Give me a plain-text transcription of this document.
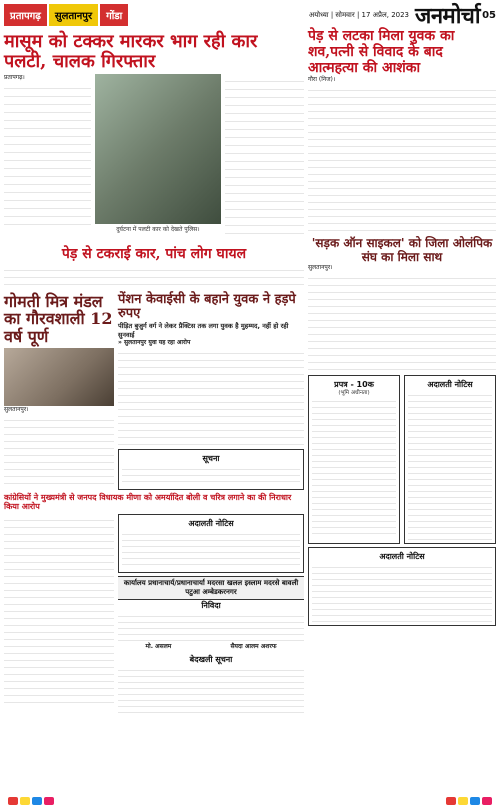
प्रतापगढ़	सुलतानपुर	गोंडा	अयोध्या | सोमवार | 17 अप्रैल, 2023 जनमोर्चा 05
मासूम को टक्कर मारकर भाग रही कार पलटी, चालक गिरफ्तार
प्रतापगढ़।
दुर्घटना में पलटी कार को देखते पुलिस।
पेड़ से टकराई कार, पांच लोग घायल
गोमती मित्र मंडल का गौरवशाली 12 वर्ष पूर्ण
सुलतानपुर।
पेंशन केवाईसी के बहाने युवक ने हड़पे रुपए
पीड़ित बुजुर्ग वर्ग ने लेकर प्रैक्टिस तक लगा युवक है मुहम्मद, नहीं हो रही सुनवाई
» सुलतानपुर युवा यह रहा आरोप
सूचना
कांग्रेसियों ने मुख्यमंत्री से जनपद विधायक मीणा को अमर्यादित बोली व चरित्र लगाने का की निराधार किया आरोप
अदालती नोटिस
कार्यालय प्रधानाचार्य/प्रधानाचार्या मदरसा खलल इस्लाम मदरसे बावली पटुआ अम्बेडकरनगर
निविदा
मो. असलम	सैयदा आलम अशरफ
बेदखली सूचना
पेड़ से लटका मिला युवक का शव,पत्नी से विवाद के बाद आत्महत्या की आशंका
गौरा (निज)।
'सड़क ऑन साइकल' को जिला ओलंपिक संघ का मिला साथ
सुलतानपुर।
प्रपत्र - 10क
(भूमि अधीनता)
अदालती नोटिस
अदालती नोटिस
